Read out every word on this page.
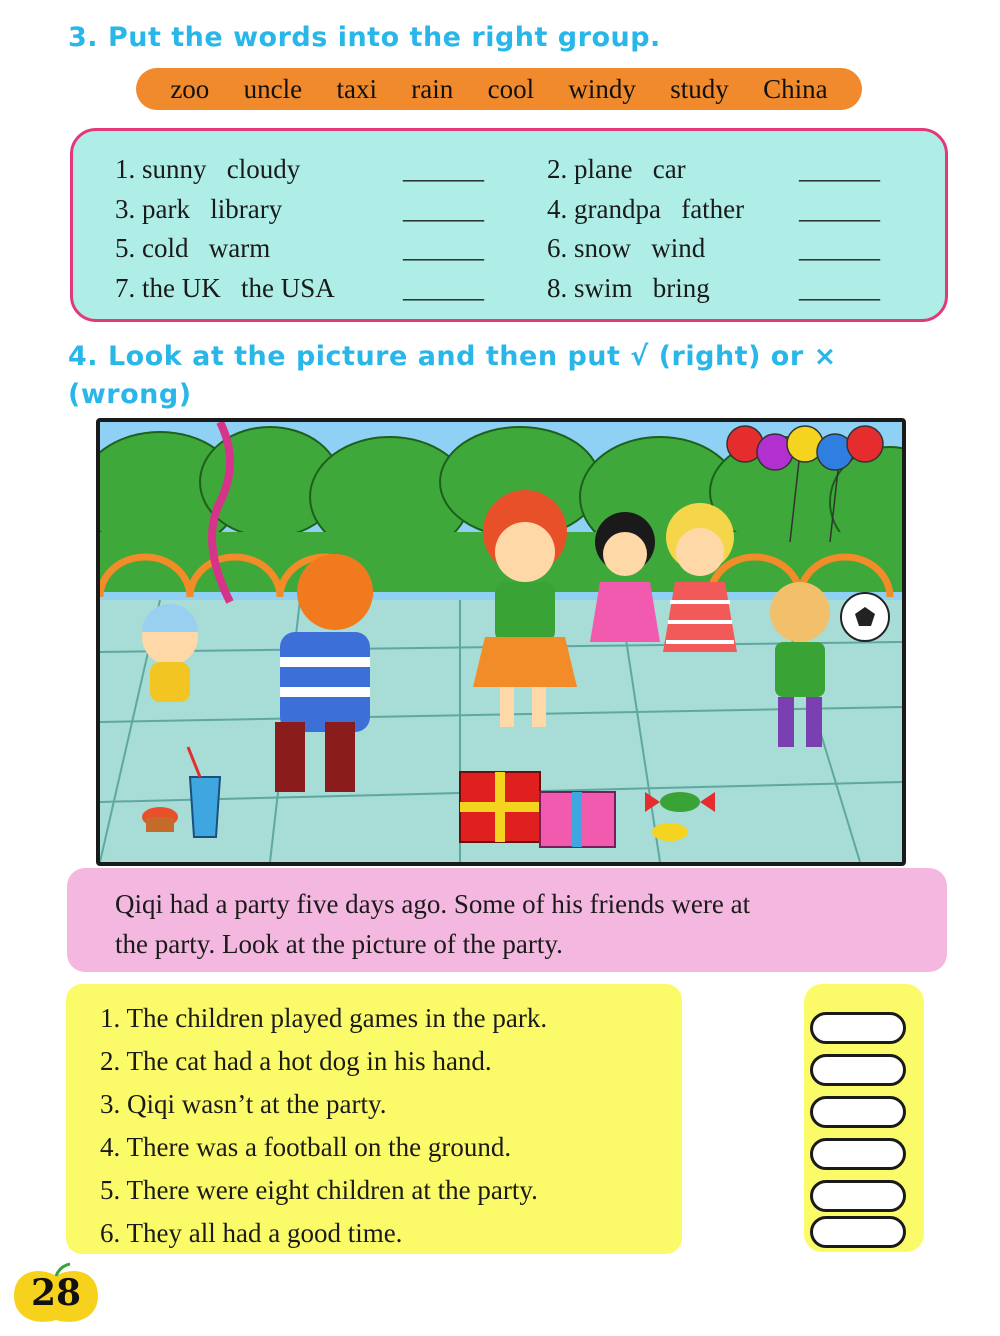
3. Put the words into the right group.
zoo uncle taxi rain cool windy study China
1. sunny   cloudy	______ 2. plane   car	______
3. park   library	______ 4. grandpa   father ______
5. cold   warm	______ 6. snow   wind	______
7. the UK   the USA	______ 8. swim   bring	______
4. Look at the picture and then put √ (right) or × (wrong)
Qiqi had a party five days ago. Some of his friends were at
the party. Look at the picture of the party.
1. The children played games in the park.
2. The cat had a hot dog in his hand.
3. Qiqi wasn’t at the party.
4. There was a football on the ground.
5. There were eight children at the party.
6. They all had a good time.
28
